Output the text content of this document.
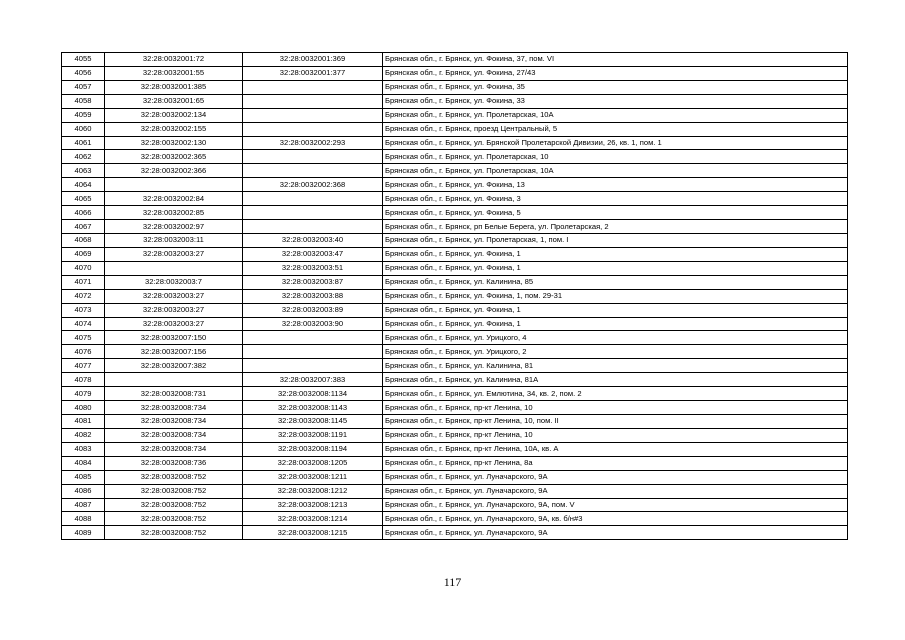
4055	32:28:0032001:72	32:28:0032001:369	Брянская обл., г. Брянск, ул. Фокина, 37, пом. VI
4056	32:28:0032001:55	32:28:0032001:377	Брянская обл., г. Брянск, ул. Фокина, 27/43
4057	32:28:0032001:385		Брянская обл., г. Брянск, ул. Фокина, 35
4058	32:28:0032001:65		Брянская обл., г. Брянск, ул. Фокина, 33
4059	32:28:0032002:134		Брянская обл., г. Брянск, ул. Пролетарская, 10А
4060	32:28:0032002:155		Брянская обл., г. Брянск, проезд Центральный, 5
4061	32:28:0032002:130	32:28:0032002:293	Брянская обл., г. Брянск, ул. Брянской Пролетарской Дивизии, 26, кв. 1, пом. 1
4062	32:28:0032002:365		Брянская обл., г. Брянск, ул. Пролетарская, 10
4063	32:28:0032002:366		Брянская обл., г. Брянск, ул. Пролетарская, 10А
4064		32:28:0032002:368	Брянская обл., г. Брянск, ул. Фокина, 13
4065	32:28:0032002:84		Брянская обл., г. Брянск, ул. Фокина, 3
4066	32:28:0032002:85		Брянская обл., г. Брянск, ул. Фокина, 5
4067	32:28:0032002:97		Брянская обл., г. Брянск, рп Белые Берега, ул. Пролетарская, 2
4068	32:28:0032003:11	32:28:0032003:40	Брянская обл., г. Брянск, ул. Пролетарская, 1, пом. I
4069	32:28:0032003:27	32:28:0032003:47	Брянская обл., г. Брянск, ул. Фокина, 1
4070		32:28:0032003:51	Брянская обл., г. Брянск, ул. Фокина, 1
4071	32:28:0032003:7	32:28:0032003:87	Брянская обл., г. Брянск, ул. Калинина, 85
4072	32:28:0032003:27	32:28:0032003:88	Брянская обл., г. Брянск, ул. Фокина, 1, пом. 29-31
4073	32:28:0032003:27	32:28:0032003:89	Брянская обл., г. Брянск, ул. Фокина, 1
4074	32:28:0032003:27	32:28:0032003:90	Брянская обл., г. Брянск, ул. Фокина, 1
4075	32:28:0032007:150		Брянская обл., г. Брянск, ул. Урицкого, 4
4076	32:28:0032007:156		Брянская обл., г. Брянск, ул. Урицкого, 2
4077	32:28:0032007:382		Брянская обл., г. Брянск, ул. Калинина, 81
4078		32:28:0032007:383	Брянская обл., г. Брянск, ул. Калинина, 81А
4079	32:28:0032008:731	32:28:0032008:1134	Брянская обл., г. Брянск, ул. Емлютина, 34, кв. 2, пом. 2
4080	32:28:0032008:734	32:28:0032008:1143	Брянская обл., г. Брянск, пр-кт Ленина, 10
4081	32:28:0032008:734	32:28:0032008:1145	Брянская обл., г. Брянск, пр-кт Ленина, 10, пом. II
4082	32:28:0032008:734	32:28:0032008:1191	Брянская обл., г. Брянск, пр-кт Ленина, 10
4083	32:28:0032008:734	32:28:0032008:1194	Брянская обл., г. Брянск, пр-кт Ленина, 10А, кв. А
4084	32:28:0032008:736	32:28:0032008:1205	Брянская обл., г. Брянск, пр-кт Ленина, 8а
4085	32:28:0032008:752	32:28:0032008:1211	Брянская обл., г. Брянск, ул. Луначарского, 9А
4086	32:28:0032008:752	32:28:0032008:1212	Брянская обл., г. Брянск, ул. Луначарского, 9А
4087	32:28:0032008:752	32:28:0032008:1213	Брянская обл., г. Брянск, ул. Луначарского, 9А, пом. V
4088	32:28:0032008:752	32:28:0032008:1214	Брянская обл., г. Брянск, ул. Луначарского, 9А, кв. б/н#3
4089	32:28:0032008:752	32:28:0032008:1215	Брянская обл., г. Брянск, ул. Луначарского, 9А
117
